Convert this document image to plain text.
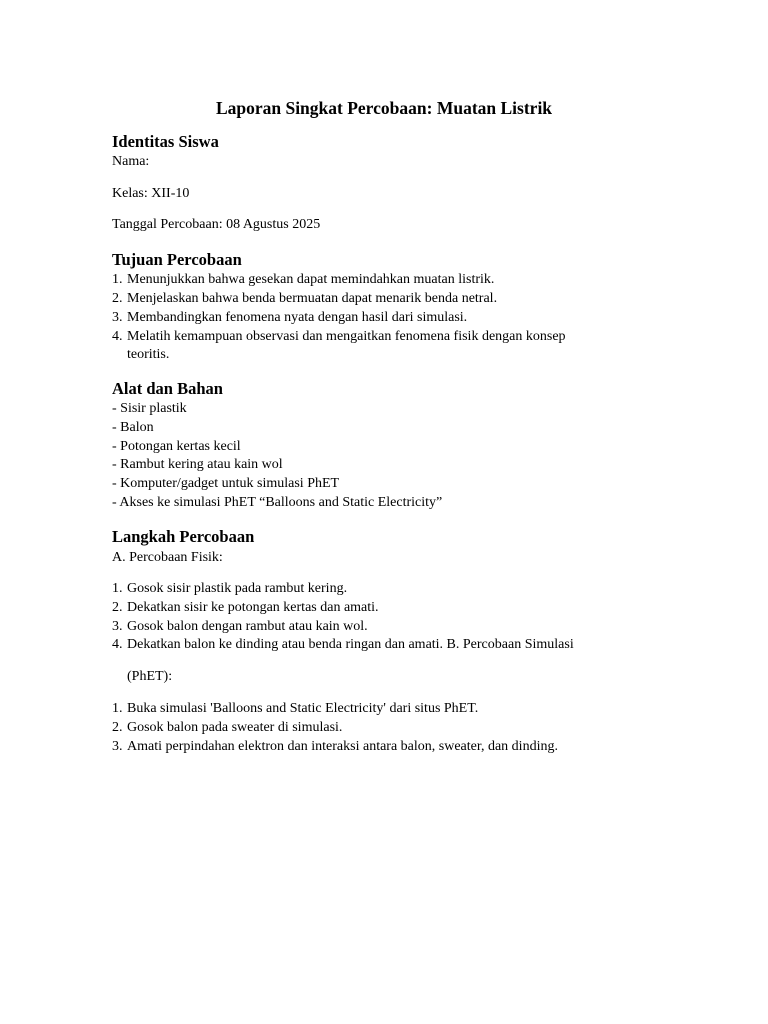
Laporan Singkat Percobaan: Muatan Listrik
Identitas Siswa
Nama:
Kelas: XII-10
Tanggal Percobaan: 08 Agustus 2025
Tujuan Percobaan
1. Menunjukkan bahwa gesekan dapat memindahkan muatan listrik.
2. Menjelaskan bahwa benda bermuatan dapat menarik benda netral.
3. Membandingkan fenomena nyata dengan hasil dari simulasi.
4. Melatih kemampuan observasi dan mengaitkan fenomena fisik dengan konsep
teoritis.
Alat dan Bahan
- Sisir plastik
- Balon
- Potongan kertas kecil
- Rambut kering atau kain wol
- Komputer/gadget untuk simulasi PhET
- Akses ke simulasi PhET “Balloons and Static Electricity”
Langkah Percobaan
A. Percobaan Fisik:
1. Gosok sisir plastik pada rambut kering.
2. Dekatkan sisir ke potongan kertas dan amati.
3. Gosok balon dengan rambut atau kain wol.
4. Dekatkan balon ke dinding atau benda ringan dan amati. B. Percobaan Simulasi
(PhET):
1. Buka simulasi 'Balloons and Static Electricity' dari situs PhET.
2. Gosok balon pada sweater di simulasi.
3. Amati perpindahan elektron dan interaksi antara balon, sweater, dan dinding.
